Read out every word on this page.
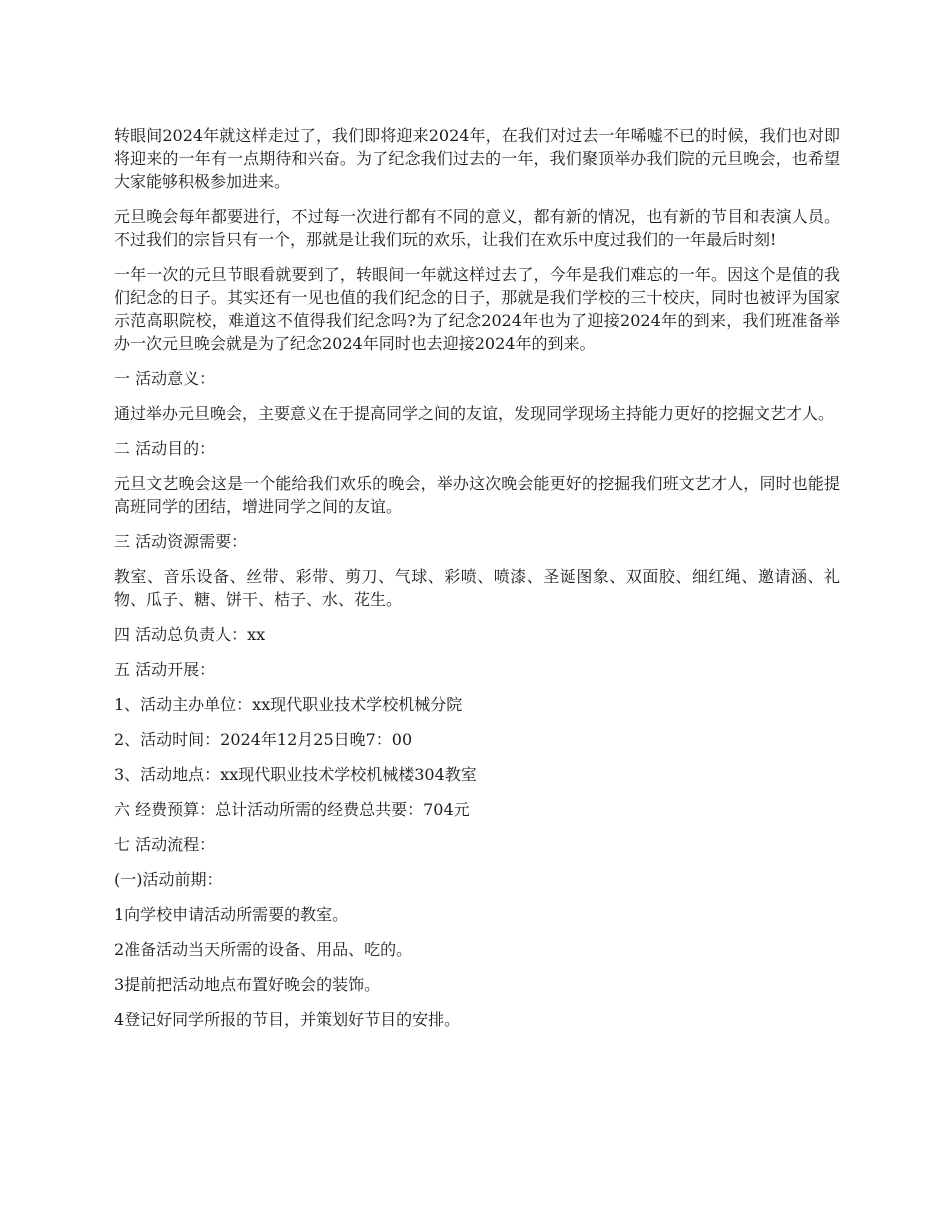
转眼间2024年就这样走过了，我们即将迎来2024年，在我们对过去一年唏嘘不已的时候，我们也对即将迎来的一年有一点期待和兴奋。为了纪念我们过去的一年，我们聚顶举办我们院的元旦晚会，也希望大家能够积极参加进来。

元旦晚会每年都要进行，不过每一次进行都有不同的意义，都有新的情况，也有新的节目和表演人员。不过我们的宗旨只有一个，那就是让我们玩的欢乐，让我们在欢乐中度过我们的一年最后时刻!

一年一次的元旦节眼看就要到了，转眼间一年就这样过去了，今年是我们难忘的一年。因这个是值的我们纪念的日子。其实还有一见也值的我们纪念的日子，那就是我们学校的三十校庆，同时也被评为国家示范高职院校，难道这不值得我们纪念吗?为了纪念2024年也为了迎接2024年的到来，我们班准备举办一次元旦晚会就是为了纪念2024年同时也去迎接2024年的到来。

一 活动意义：

通过举办元旦晚会，主要意义在于提高同学之间的友谊，发现同学现场主持能力更好的挖掘文艺才人。

二 活动目的：

元旦文艺晚会这是一个能给我们欢乐的晚会，举办这次晚会能更好的挖掘我们班文艺才人，同时也能提高班同学的团结，增进同学之间的友谊。

三 活动资源需要：

教室、音乐设备、丝带、彩带、剪刀、气球、彩喷、喷漆、圣诞图象、双面胶、细红绳、邀请涵、礼物、瓜子、糖、饼干、桔子、水、花生。

四 活动总负责人：xx

五 活动开展：

1、活动主办单位：xx现代职业技术学校机械分院

2、活动时间：2024年12月25日晚7：00

3、活动地点：xx现代职业技术学校机械楼304教室

六 经费预算：总计活动所需的经费总共要：704元

七 活动流程：

(一)活动前期：

1向学校申请活动所需要的教室。

2准备活动当天所需的设备、用品、吃的。

3提前把活动地点布置好晚会的装饰。

4登记好同学所报的节目，并策划好节目的安排。
